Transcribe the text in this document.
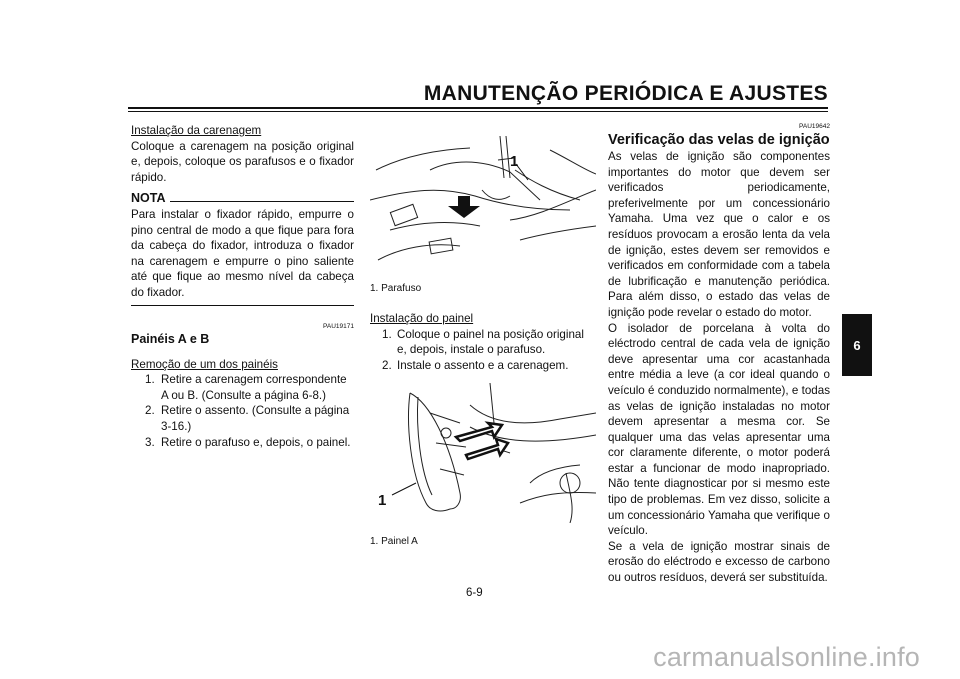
MANUTENÇÃO PERIÓDICA E AJUSTES

Instalação da carenagem

Coloque a carenagem na posição original e, depois, coloque os parafusos e o fixador rápido.

NOTA

Para instalar o fixador rápido, empurre o pino central de modo a que fique para fora da cabeça do fixador, introduza o fixador na carenagem e empurre o pino saliente até que fique ao mesmo nível da cabeça do fixador.

PAU19171

Painéis A e B

Remoção de um dos painéis

1. Retire a carenagem correspondente A ou B. (Consulte a página 6-8.)
2. Retire o assento. (Consulte a página 3-16.)
3. Retire o parafuso e, depois, o painel.
1
1. Parafuso

Instalação do painel

1. Coloque o painel na posição original e, depois, instale o parafuso.
2. Instale o assento e a carenagem.
1
1. Painel A
PAU19642

Verificação das velas de ignição

As velas de ignição são componentes importantes do motor que devem ser verificados periodicamente, preferivelmente por um concessionário Yamaha. Uma vez que o calor e os resíduos provocam a erosão lenta da vela de ignição, estes devem ser removidos e verificados em conformidade com a tabela de lubrificação e manutenção periódica. Para além disso, o estado das velas de ignição pode revelar o estado do motor.

O isolador de porcelana à volta do eléctrodo central de cada vela de ignição deve apresentar uma cor acastanhada entre média a leve (a cor ideal quando o veículo é conduzido normalmente), e todas as velas de ignição instaladas no motor devem apresentar a mesma cor. Se qualquer uma das velas apresentar uma cor claramente diferente, o motor poderá estar a funcionar de modo inapropriado. Não tente diagnosticar por si mesmo este tipo de problemas. Em vez disso, solicite a um concessionário Yamaha que verifique o veículo.

Se a vela de ignição mostrar sinais de erosão do eléctrodo e excesso de carbono ou outros resíduos, deverá ser substituída.

6
6-9
carmanualsonline.info
